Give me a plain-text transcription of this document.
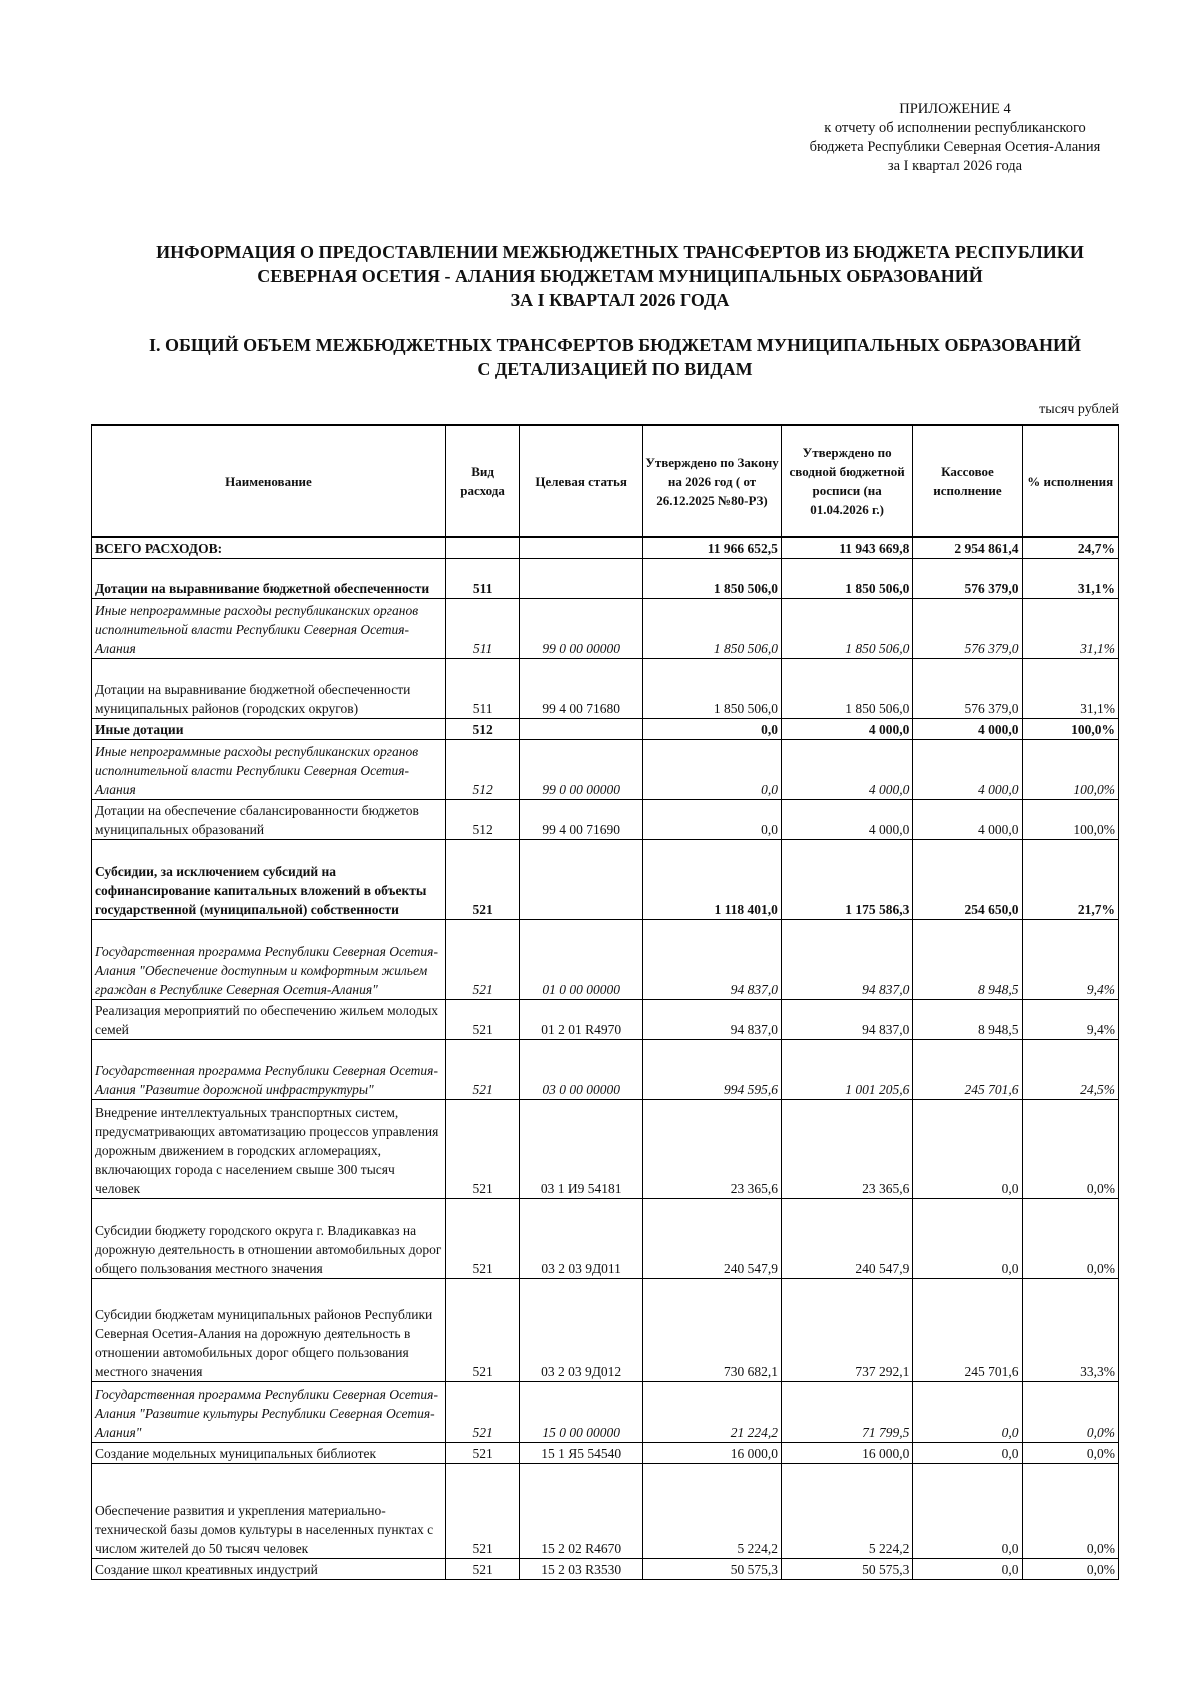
ПРИЛОЖЕНИЕ 4
к отчету об исполнении республиканского
бюджета Республики Северная Осетия-Алания
за I квартал 2026 года
ИНФОРМАЦИЯ О ПРЕДОСТАВЛЕНИИ МЕЖБЮДЖЕТНЫХ ТРАНСФЕРТОВ ИЗ БЮДЖЕТА РЕСПУБЛИКИ
СЕВЕРНАЯ ОСЕТИЯ - АЛАНИЯ БЮДЖЕТАМ МУНИЦИПАЛЬНЫХ ОБРАЗОВАНИЙ
ЗА I КВАРТАЛ 2026 ГОДА
I. ОБЩИЙ ОБЪЕМ МЕЖБЮДЖЕТНЫХ ТРАНСФЕРТОВ БЮДЖЕТАМ МУНИЦИПАЛЬНЫХ ОБРАЗОВАНИЙ
С ДЕТАЛИЗАЦИЕЙ ПО ВИДАМ
тысяч рублей
Наименование	Вид расхода	Целевая статья	Утверждено по Закону на 2026 год ( от 26.12.2025 №80-РЗ)	Утверждено по сводной бюджетной росписи (на 01.04.2026 г.)	Кассовое исполнение	% исполнения
ВСЕГО РАСХОДОВ:			11 966 652,5	11 943 669,8	2 954 861,4	24,7%
Дотации на выравнивание бюджетной обеспеченности	511		1 850 506,0	1 850 506,0	576 379,0	31,1%
Иные непрограммные расходы республиканских органов исполнительной власти Республики Северная Осетия-Алания	511	99 0 00 00000	1 850 506,0	1 850 506,0	576 379,0	31,1%
Дотации на выравнивание бюджетной обеспеченности муниципальных районов (городских округов)	511	99 4 00 71680	1 850 506,0	1 850 506,0	576 379,0	31,1%
Иные дотации	512		0,0	4 000,0	4 000,0	100,0%
Иные непрограммные расходы республиканских органов исполнительной власти Республики Северная Осетия-Алания	512	99 0 00 00000	0,0	4 000,0	4 000,0	100,0%
Дотации на обеспечение сбалансированности бюджетов муниципальных образований	512	99 4 00 71690	0,0	4 000,0	4 000,0	100,0%
Субсидии, за исключением субсидий на софинансирование капитальных вложений в объекты государственной (муниципальной) собственности	521		1 118 401,0	1 175 586,3	254 650,0	21,7%
Государственная программа Республики Северная Осетия-Алания "Обеспечение доступным и комфортным жильем граждан в Республике Северная Осетия-Алания"	521	01 0 00 00000	94 837,0	94 837,0	8 948,5	9,4%
Реализация мероприятий по обеспечению жильем молодых семей	521	01 2 01 R4970	94 837,0	94 837,0	8 948,5	9,4%
Государственная программа Республики Северная Осетия-Алания "Развитие дорожной инфраструктуры"	521	03 0 00 00000	994 595,6	1 001 205,6	245 701,6	24,5%
Внедрение интеллектуальных транспортных систем, предусматривающих автоматизацию процессов управления дорожным движением в городских агломерациях, включающих города с населением свыше 300 тысяч человек	521	03 1 И9 54181	23 365,6	23 365,6	0,0	0,0%
Субсидии бюджету городского округа г. Владикавказ на дорожную деятельность в отношении автомобильных дорог общего пользования местного значения	521	03 2 03 9Д011	240 547,9	240 547,9	0,0	0,0%
Субсидии бюджетам муниципальных районов Республики Северная Осетия-Алания на дорожную деятельность в отношении автомобильных дорог общего пользования местного значения	521	03 2 03 9Д012	730 682,1	737 292,1	245 701,6	33,3%
Государственная программа Республики Северная Осетия-Алания "Развитие культуры Республики Северная Осетия-Алания"	521	15 0 00 00000	21 224,2	71 799,5	0,0	0,0%
Создание модельных муниципальных библиотек	521	15 1 Я5 54540	16 000,0	16 000,0	0,0	0,0%
Обеспечение развития и укрепления материально-технической базы домов культуры в населенных пунктах с числом жителей до 50 тысяч человек	521	15 2 02 R4670	5 224,2	5 224,2	0,0	0,0%
Создание школ креативных индустрий	521	15 2 03 R3530	50 575,3	50 575,3	0,0	0,0%
